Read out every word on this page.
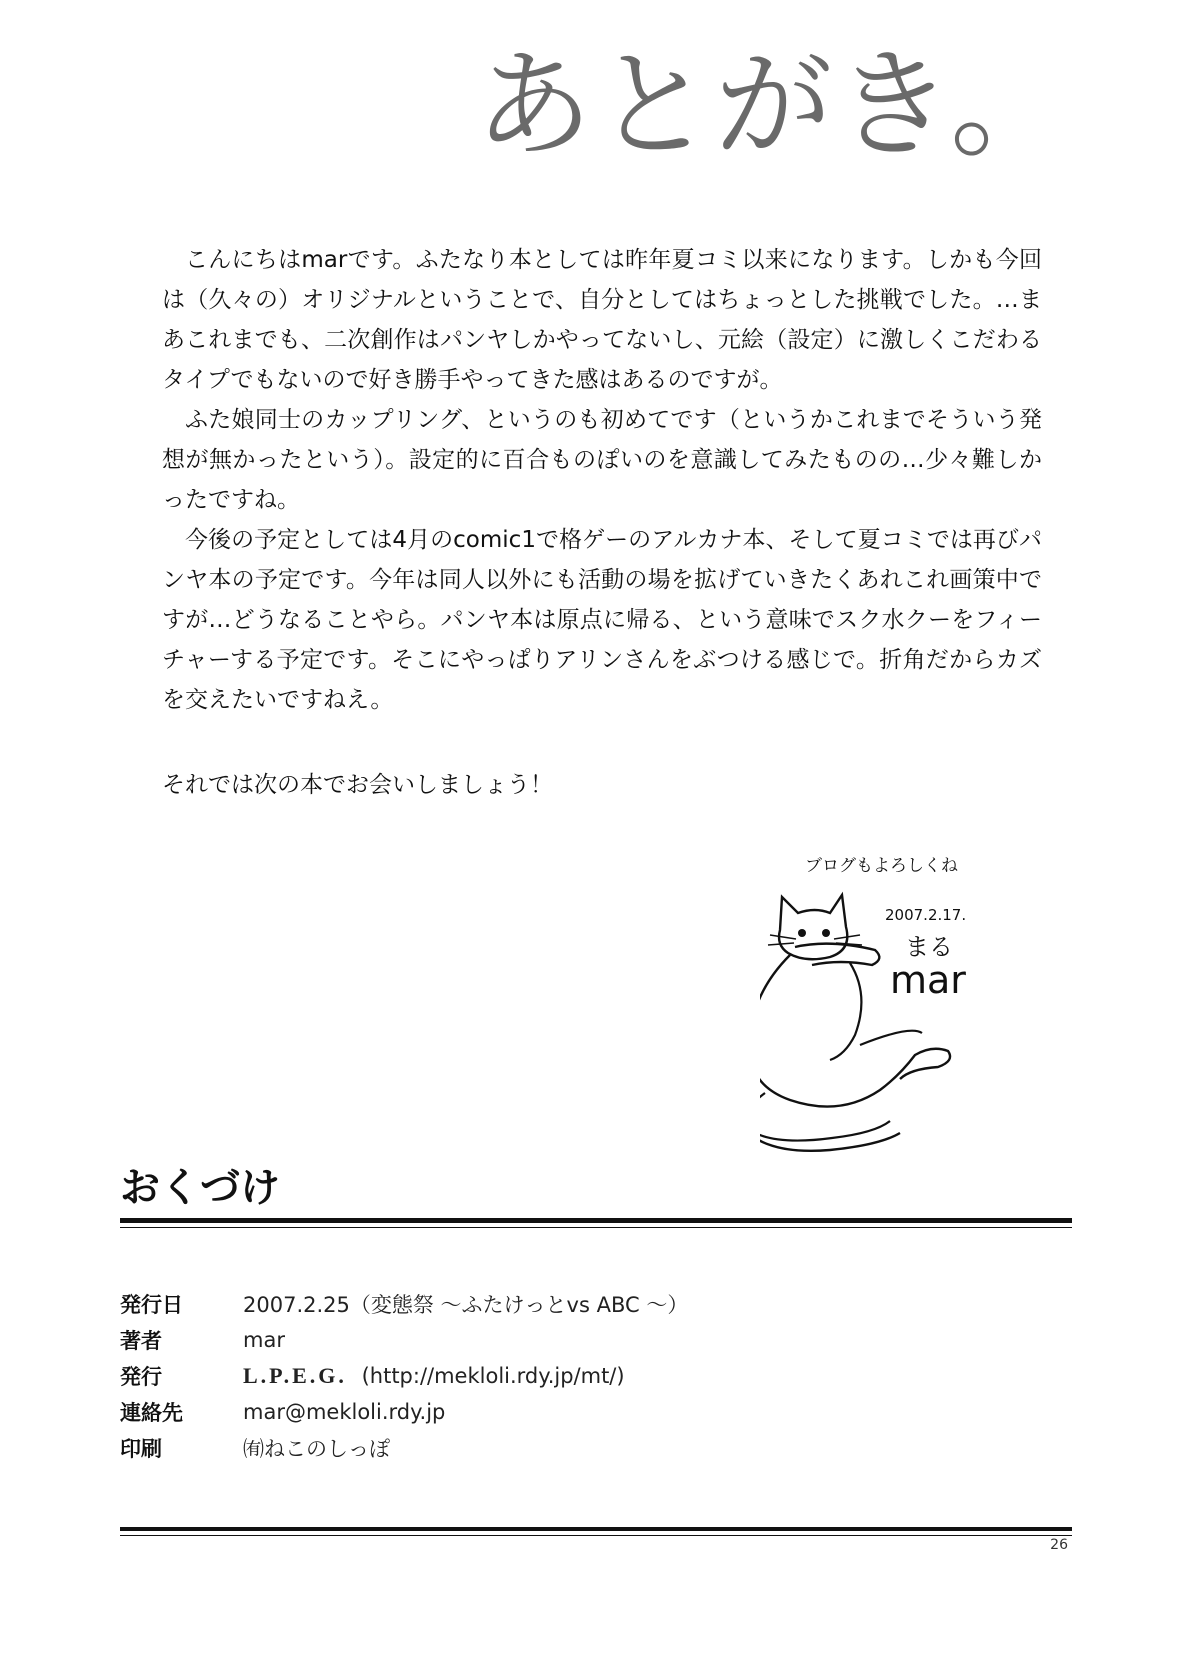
あとがき。

こんにちはmarです。ふたなり本としては昨年夏コミ以来になります。しかも今回は（久々の）オリジナルということで、自分としてはちょっとした挑戦でした。…まあこれまでも、二次創作はパンヤしかやってないし、元絵（設定）に激しくこだわるタイプでもないので好き勝手やってきた感はあるのですが。

ふた娘同士のカップリング、というのも初めてです（というかこれまでそういう発想が無かったという）。設定的に百合ものぽいのを意識してみたものの…少々難しかったですね。

今後の予定としては4月のcomic1で格ゲーのアルカナ本、そして夏コミでは再びパンヤ本の予定です。今年は同人以外にも活動の場を拡げていきたくあれこれ画策中ですが…どうなることやら。パンヤ本は原点に帰る、という意味でスク水クーをフィーチャーする予定です。そこにやっぱりアリンさんをぶつける感じで。折角だからカズを交えたいですねえ。

それでは次の本でお会いしましょう！

ブログもよろしくね
2007.2.17.
まる
mar
おくづけ
発行日	2007.2.25（変態祭 〜ふたけっとvs ABC 〜）
著者	mar
発行	L.P.E.G. (http://mekloli.rdy.jp/mt/)
連絡先	mar@mekloli.rdy.jp
印刷	㈲ねこのしっぽ

26
